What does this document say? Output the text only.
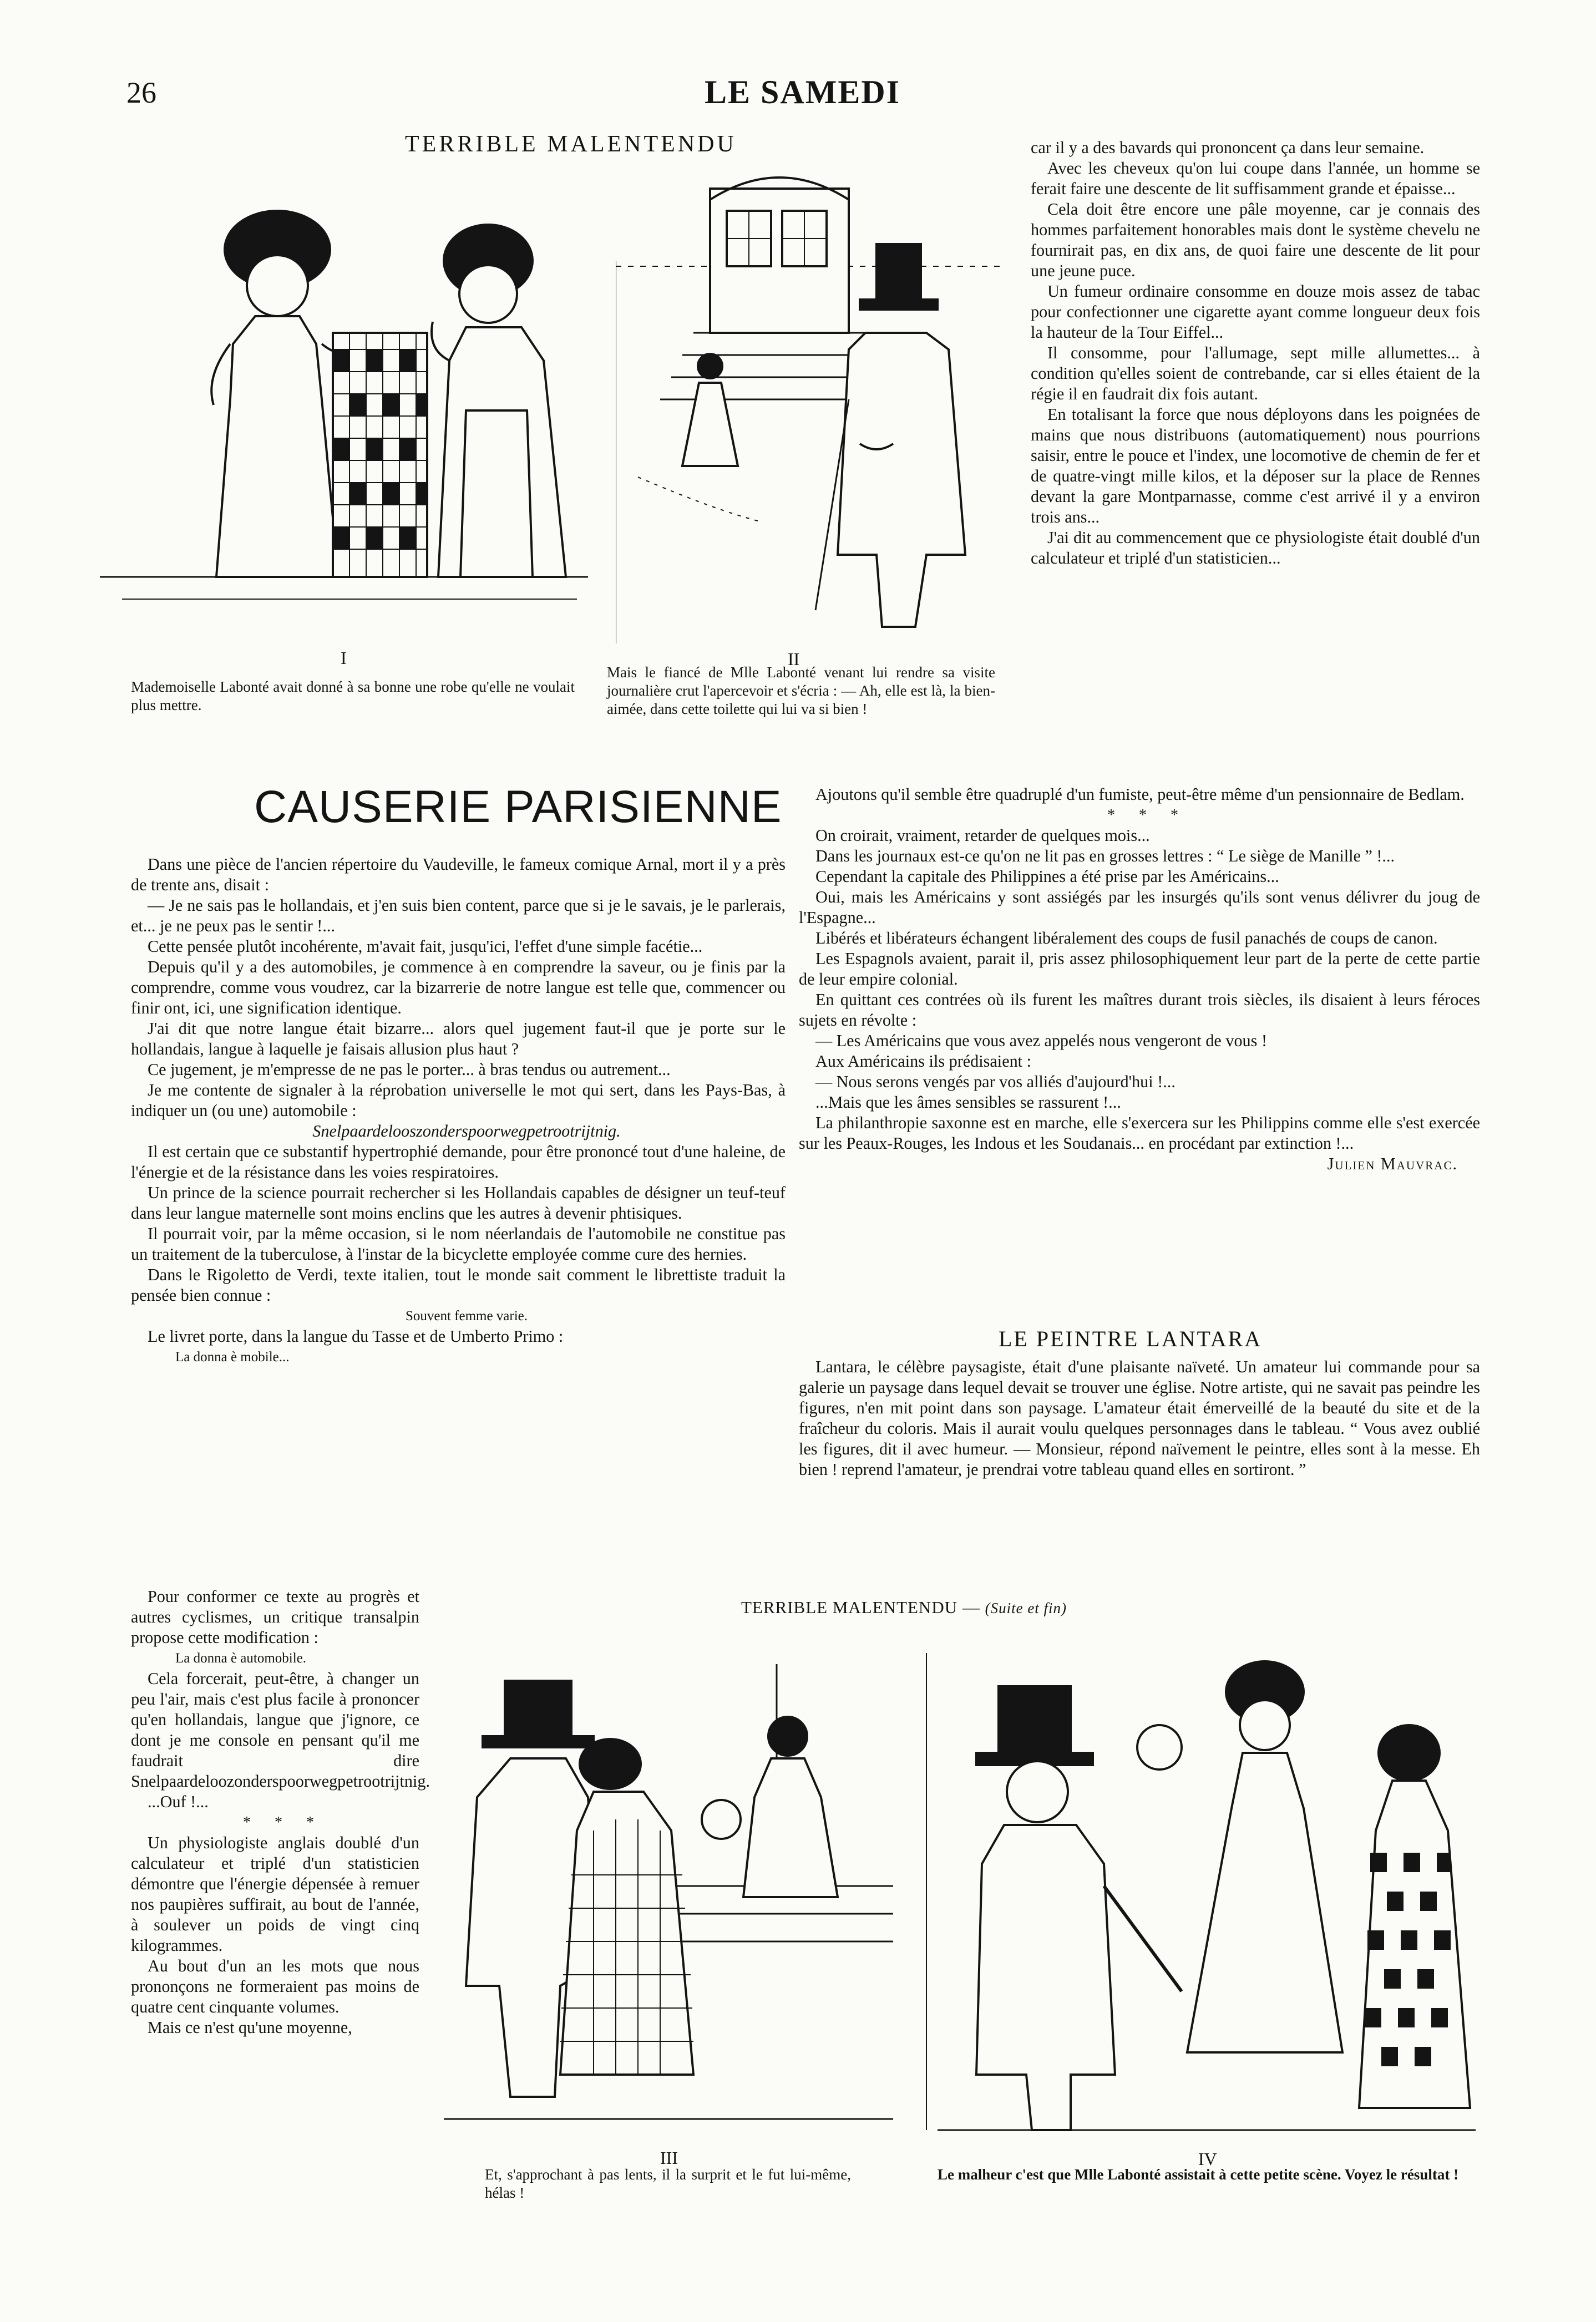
26	LE SAMEDI
TERRIBLE MALENTENDU
I
Mademoiselle Labonté avait donné à sa bonne une robe qu'elle ne voulait plus mettre.
II
Mais le fiancé de Mlle Labonté venant lui rendre sa visite journalière crut l'apercevoir et s'écria : — Ah, elle est là, la bien-aimée, dans cette toilette qui lui va si bien !

car il y a des bavards qui prononcent ça dans leur semaine.

Avec les cheveux qu'on lui coupe dans l'année, un homme se ferait faire une descente de lit suffisamment grande et épaisse...

Cela doit être encore une pâle moyenne, car je connais des hommes parfaitement honorables mais dont le système chevelu ne fournirait pas, en dix ans, de quoi faire une descente de lit pour une jeune puce.

Un fumeur ordinaire consomme en douze mois assez de tabac pour confectionner une cigarette ayant comme longueur deux fois la hauteur de la Tour Eiffel...

Il consomme, pour l'allumage, sept mille allumettes... à condition qu'elles soient de contrebande, car si elles étaient de la régie il en faudrait dix fois autant.

En totalisant la force que nous déployons dans les poignées de mains que nous distribuons (automatiquement) nous pourrions saisir, entre le pouce et l'index, une locomotive de chemin de fer et de quatre-vingt mille kilos, et la déposer sur la place de Rennes devant la gare Montparnasse, comme c'est arrivé il y a environ trois ans...

J'ai dit au commencement que ce physiologiste était doublé d'un calculateur et triplé d'un statisticien...

CAUSERIE PARISIENNE

Dans une pièce de l'ancien répertoire du Vaudeville, le fameux comique Arnal, mort il y a près de trente ans, disait :

— Je ne sais pas le hollandais, et j'en suis bien content, parce que si je le savais, je le parlerais, et... je ne peux pas le sentir !...

Cette pensée plutôt incohérente, m'avait fait, jusqu'ici, l'effet d'une simple facétie...

Depuis qu'il y a des automobiles, je commence à en comprendre la saveur, ou je finis par la comprendre, comme vous voudrez, car la bizarrerie de notre langue est telle que, commencer ou finir ont, ici, une signification identique.

J'ai dit que notre langue était bizarre... alors quel jugement faut-il que je porte sur le hollandais, langue à laquelle je faisais allusion plus haut ?

Ce jugement, je m'empresse de ne pas le porter... à bras tendus ou autrement...

Je me contente de signaler à la réprobation universelle le mot qui sert, dans les Pays-Bas, à indiquer un (ou une) automobile :

Snelpaardelooszonderspoorwegpetrootrijtnig.

Il est certain que ce substantif hypertrophié demande, pour être prononcé tout d'une haleine, de l'énergie et de la résistance dans les voies respiratoires.

Un prince de la science pourrait rechercher si les Hollandais capables de désigner un teuf-teuf dans leur langue maternelle sont moins enclins que les autres à devenir phtisiques.

Il pourrait voir, par la même occasion, si le nom néerlandais de l'automobile ne constitue pas un traitement de la tuberculose, à l'instar de la bicyclette employée comme cure des hernies.

Dans le Rigoletto de Verdi, texte italien, tout le monde sait comment le librettiste traduit la pensée bien connue :

Souvent femme varie.

Le livret porte, dans la langue du Tasse et de Umberto Primo :

La donna è mobile...

Pour conformer ce texte au progrès et autres cyclismes, un critique transalpin propose cette modification :

La donna è automobile.

Cela forcerait, peut-être, à changer un peu l'air, mais c'est plus facile à prononcer qu'en hollandais, langue que j'ignore, ce dont je me console en pensant qu'il me faudrait dire Snelpaardeloozonderspoorwegpetrootrijtnig.

...Ouf !...

* * *

Un physiologiste anglais doublé d'un calculateur et triplé d'un statisticien démontre que l'énergie dépensée à remuer nos paupières suffirait, au bout de l'année, à soulever un poids de vingt cinq kilogrammes.

Au bout d'un an les mots que nous prononçons ne formeraient pas moins de quatre cent cinquante volumes.

Mais ce n'est qu'une moyenne,

Ajoutons qu'il semble être quadruplé d'un fumiste, peut-être même d'un pensionnaire de Bedlam.

* * *

On croirait, vraiment, retarder de quelques mois...

Dans les journaux est-ce qu'on ne lit pas en grosses lettres : “ Le siège de Manille ” !...

Cependant la capitale des Philippines a été prise par les Américains...

Oui, mais les Américains y sont assiégés par les insurgés qu'ils sont venus délivrer du joug de l'Espagne...

Libérés et libérateurs échangent libéralement des coups de fusil panachés de coups de canon.

Les Espagnols avaient, parait il, pris assez philosophiquement leur part de la perte de cette partie de leur empire colonial.

En quittant ces contrées où ils furent les maîtres durant trois siècles, ils disaient à leurs féroces sujets en révolte :

— Les Américains que vous avez appelés nous vengeront de vous !

Aux Américains ils prédisaient :

— Nous serons vengés par vos alliés d'aujourd'hui !...

...Mais que les âmes sensibles se rassurent !...

La philanthropie saxonne est en marche, elle s'exercera sur les Philippins comme elle s'est exercée sur les Peaux-Rouges, les Indous et les Soudanais... en procédant par extinction !...

Julien Mauvrac.

LE PEINTRE LANTARA

Lantara, le célèbre paysagiste, était d'une plaisante naïveté. Un amateur lui commande pour sa galerie un paysage dans lequel devait se trouver une église. Notre artiste, qui ne savait pas peindre les figures, n'en mit point dans son paysage. L'amateur était émerveillé de la beauté du site et de la fraîcheur du coloris. Mais il aurait voulu quelques personnages dans le tableau. “ Vous avez oublié les figures, dit il avec humeur. — Monsieur, répond naïvement le peintre, elles sont à la messe. Eh bien ! reprend l'amateur, je prendrai votre tableau quand elles en sortiront. ”

TERRIBLE MALENTENDU — (Suite et fin)
III
Et, s'approchant à pas lents, il la surprit et le fut lui-même, hélas !
IV
Le malheur c'est que Mlle Labonté assistait à cette petite scène. Voyez le résultat !
